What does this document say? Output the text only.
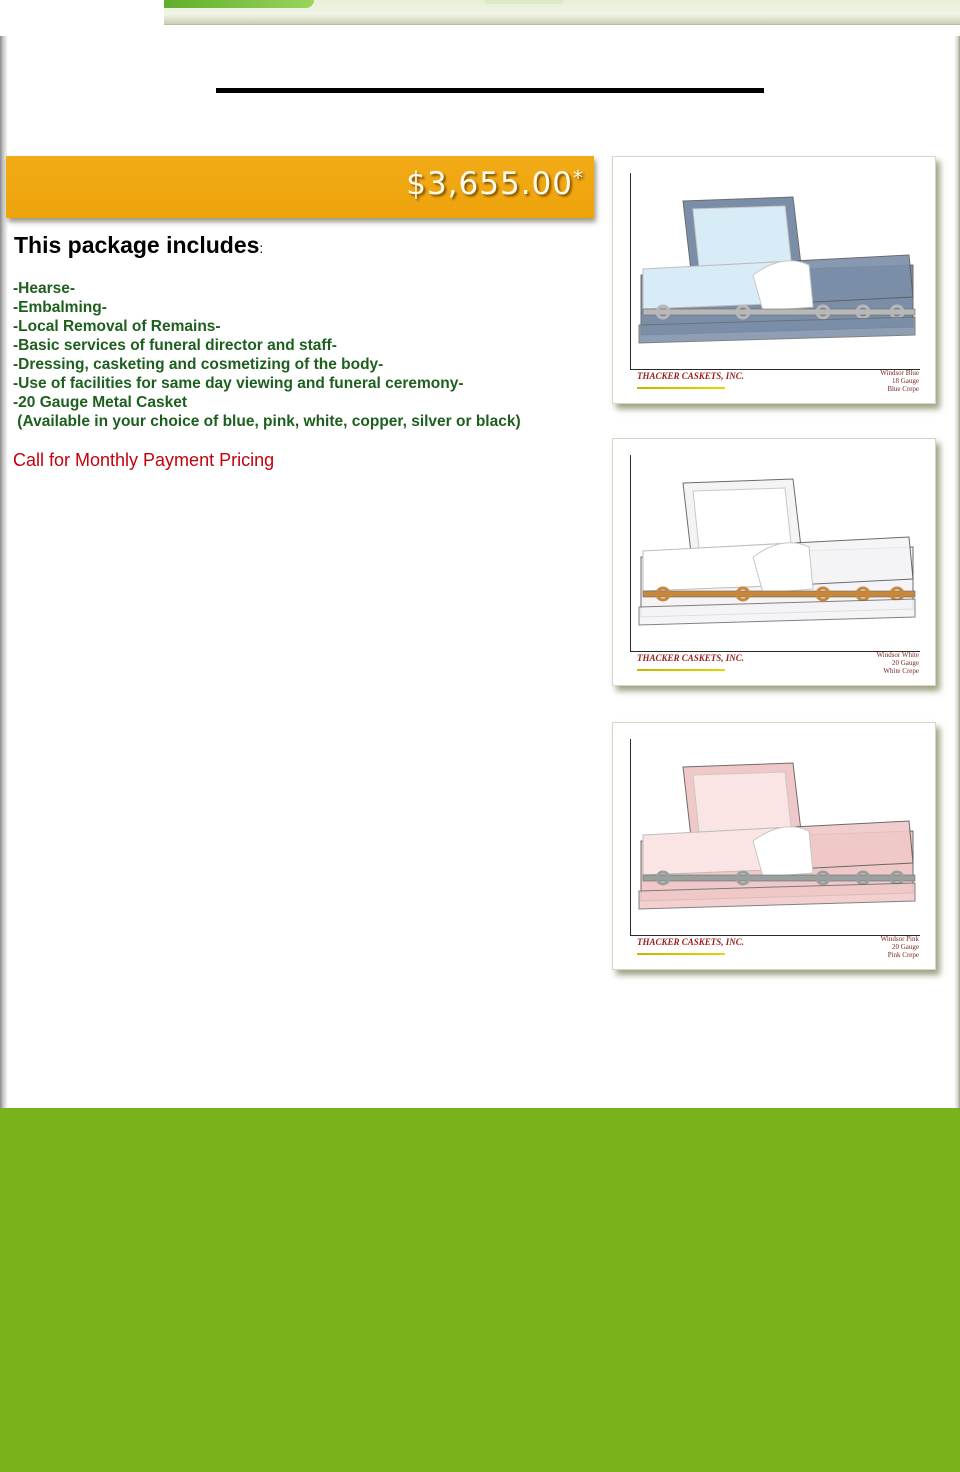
$3,655.00*
This package includes:
-Hearse-
-Embalming-
-Local Removal of Remains-
-Basic services of funeral director and staff-
-Dressing, casketing and cosmetizing of the body-
-Use of facilities for same day viewing and funeral ceremony-
-20 Gauge Metal Casket
(Available in your choice of blue, pink, white, copper, silver or black)
Call for Monthly Payment Pricing
THACKER CASKETS, INC.	Windsor Blue
18 Gauge
Blue Crepe
THACKER CASKETS, INC.	Windsor White
20 Gauge
White Crepe
THACKER CASKETS, INC.	Windsor Pink
20 Gauge
Pink Crepe
